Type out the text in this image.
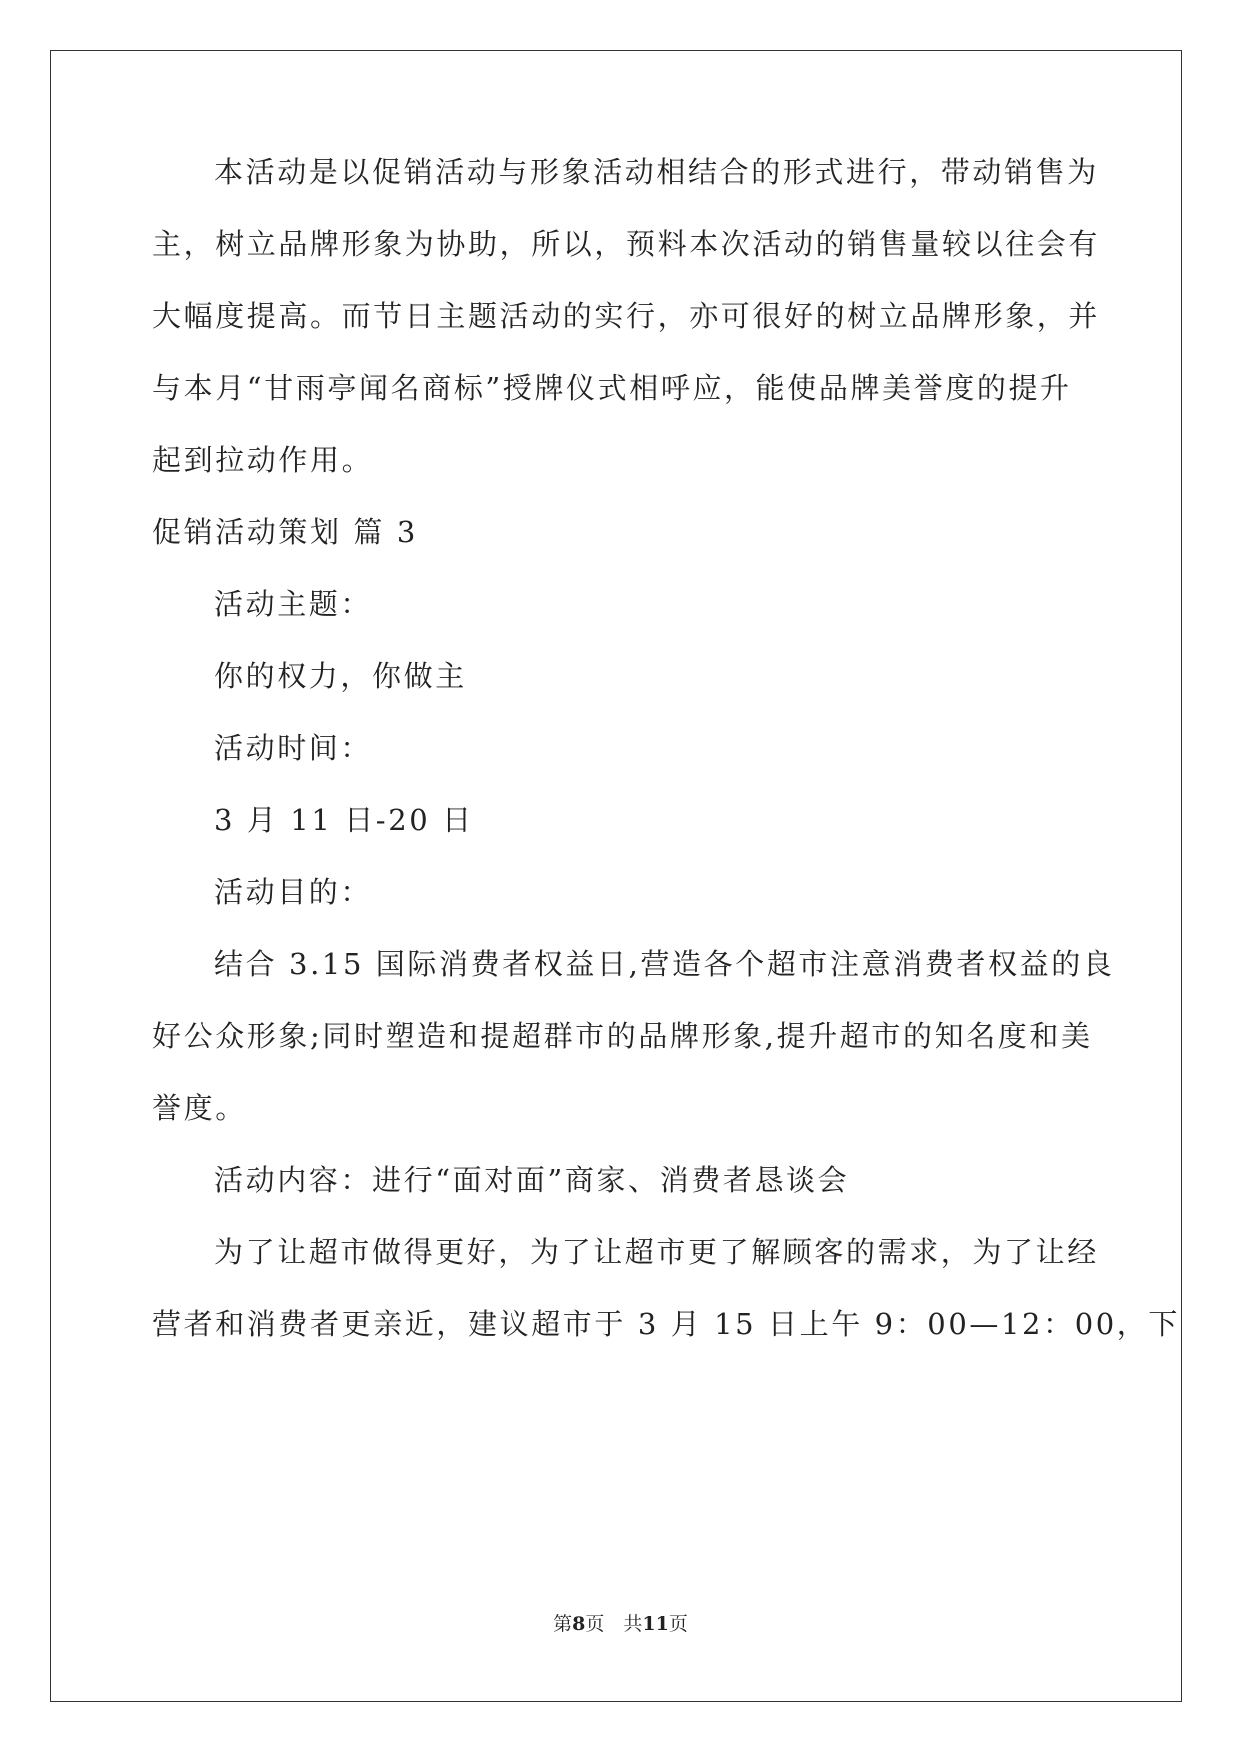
本活动是以促销活动与形象活动相结合的形式进行，带动销售为
主，树立品牌形象为协助，所以，预料本次活动的销售量较以往会有
大幅度提高。而节日主题活动的实行，亦可很好的树立品牌形象，并
与本月“甘雨亭闻名商标”授牌仪式相呼应，能使品牌美誉度的提升
起到拉动作用。
促销活动策划 篇 3
活动主题：
你的权力，你做主
活动时间：
3 月 11 日-20 日
活动目的：
结合 3.15 国际消费者权益日,营造各个超市注意消费者权益的良
好公众形象;同时塑造和提超群市的品牌形象,提升超市的知名度和美
誉度。
活动内容：进行“面对面”商家、消费者恳谈会
为了让超市做得更好，为了让超市更了解顾客的需求，为了让经
营者和消费者更亲近，建议超市于 3 月 15 日上午 9：00—12：00，下
第8页　共11页
